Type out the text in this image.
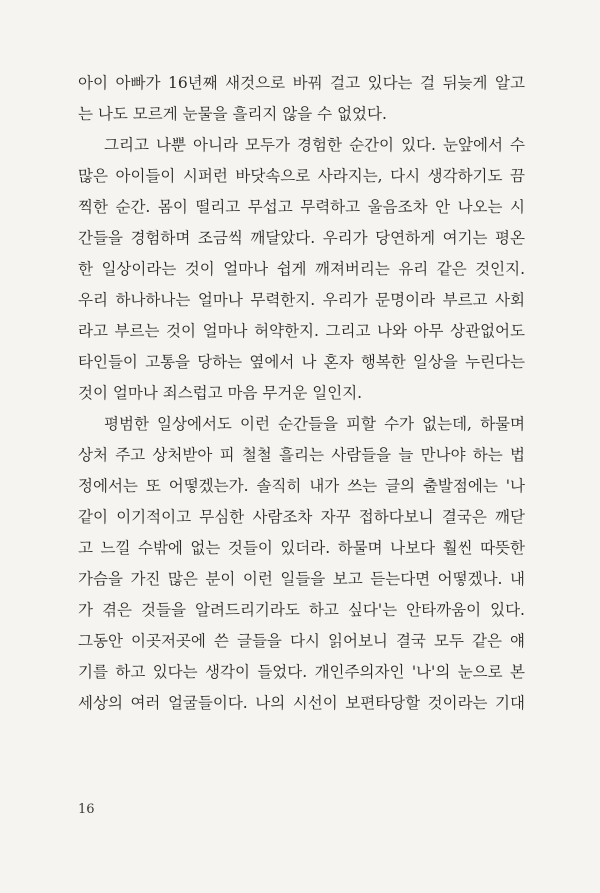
아이 아빠가 16년째 새것으로 바꿔 걸고 있다는 걸 뒤늦게 알고
는 나도 모르게 눈물을 흘리지 않을 수 없었다.
그리고 나뿐 아니라 모두가 경험한 순간이 있다. 눈앞에서 수
많은 아이들이 시퍼런 바닷속으로 사라지는, 다시 생각하기도 끔
찍한 순간. 몸이 떨리고 무섭고 무력하고 울음조차 안 나오는 시
간들을 경험하며 조금씩 깨달았다. 우리가 당연하게 여기는 평온
한 일상이라는 것이 얼마나 쉽게 깨져버리는 유리 같은 것인지.
우리 하나하나는 얼마나 무력한지. 우리가 문명이라 부르고 사회
라고 부르는 것이 얼마나 허약한지. 그리고 나와 아무 상관없어도
타인들이 고통을 당하는 옆에서 나 혼자 행복한 일상을 누린다는
것이 얼마나 죄스럽고 마음 무거운 일인지.
평범한 일상에서도 이런 순간들을 피할 수가 없는데, 하물며
상처 주고 상처받아 피 철철 흘리는 사람들을 늘 만나야 하는 법
정에서는 또 어떻겠는가. 솔직히 내가 쓰는 글의 출발점에는 '나
같이 이기적이고 무심한 사람조차 자꾸 접하다보니 결국은 깨닫
고 느낄 수밖에 없는 것들이 있더라. 하물며 나보다 훨씬 따뜻한
가슴을 가진 많은 분이 이런 일들을 보고 듣는다면 어떻겠나. 내
가 겪은 것들을 알려드리기라도 하고 싶다'는 안타까움이 있다.
그동안 이곳저곳에 쓴 글들을 다시 읽어보니 결국 모두 같은 얘
기를 하고 있다는 생각이 들었다. 개인주의자인 '나'의 눈으로 본
세상의 여러 얼굴들이다. 나의 시선이 보편타당할 것이라는 기대
16
